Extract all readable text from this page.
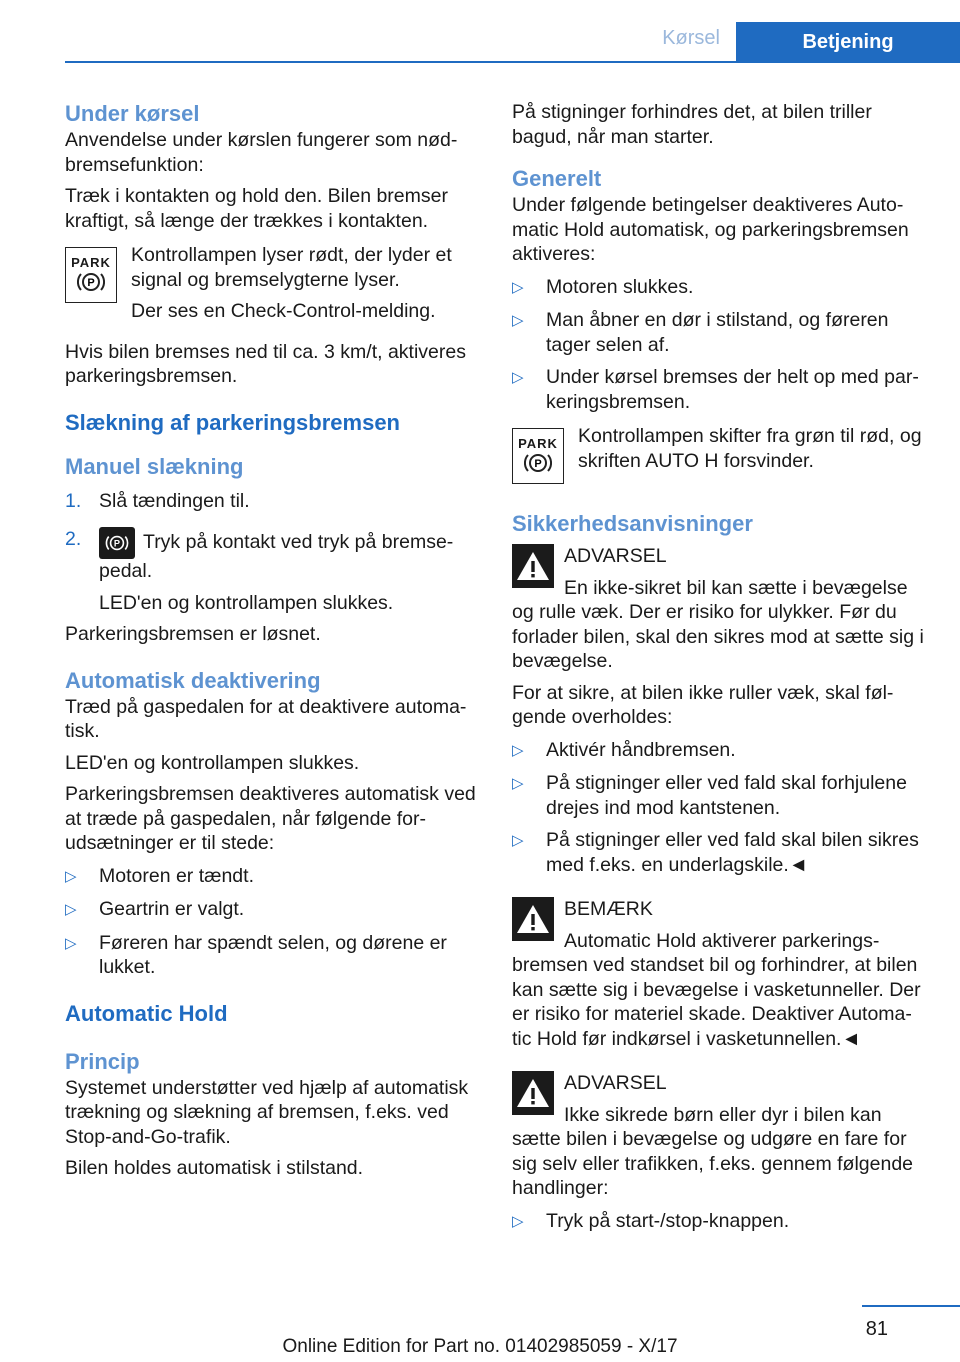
Kørsel	Betjening
Under kørsel

Anvendelse under kørslen fungerer som nød- bremsefunktion:

Træk i kontakten og hold den. Bilen bremser kraftigt, så længe der trækkes i kontakten.

PARK
P

Kontrollampen lyser rødt, der lyder et signal og bremselygterne lyser.

Der ses en Check-Control-melding.

Hvis bilen bremses ned til ca. 3 km/t, aktiveres parkeringsbremsen.

Slækning af parkeringsbremsen
Manuel slækning
1. Slå tændingen til.
2.	P Tryk på kontakt ved tryk på bremse- pedal.

LED'en og kontrollampen slukkes.

Parkeringsbremsen er løsnet.

Automatisk deaktivering

Træd på gaspedalen for at deaktivere automa- tisk.

LED'en og kontrollampen slukkes.

Parkeringsbremsen deaktiveres automatisk ved at træde på gaspedalen, når følgende for- udsætninger er til stede:

▷	Motoren er tændt.
▷	Geartrin er valgt.
▷	Føreren har spændt selen, og dørene er lukket.
Automatic Hold
Princip

Systemet understøtter ved hjælp af automatisk trækning og slækning af bremsen, f.eks. ved Stop-and-Go-trafik.

Bilen holdes automatisk i stilstand.

På stigninger forhindres det, at bilen triller bagud, når man starter.

Generelt

Under følgende betingelser deaktiveres Auto- matic Hold automatisk, og parkeringsbremsen aktiveres:

▷	Motoren slukkes.
▷	Man åbner en dør i stilstand, og føreren tager selen af.
▷	Under kørsel bremses der helt op med par- keringsbremsen.
PARK
P

Kontrollampen skifter fra grøn til rød, og skriften AUTO H forsvinder.

Sikkerhedsanvisninger

ADVARSEL

En ikke-sikret bil kan sætte i bevægelse

og rulle væk. Der er risiko for ulykker. Før du forlader bilen, skal den sikres mod at sætte sig i bevægelse.

For at sikre, at bilen ikke ruller væk, skal føl- gende overholdes:

▷	Aktivér håndbremsen.
▷	På stigninger eller ved fald skal forhjulene drejes ind mod kantstenen.
▷	På stigninger eller ved fald skal bilen sikres med f.eks. en underlagskile.◄

BEMÆRK

Automatic Hold aktiverer parkerings-

bremsen ved standset bil og forhindrer, at bilen kan sætte sig i bevægelse i vasketunneller. Der er risiko for materiel skade. Deaktiver Automa- tic Hold før indkørsel i vasketunnellen.◄

ADVARSEL

Ikke sikrede børn eller dyr i bilen kan

sætte bilen i bevægelse og udgøre en fare for sig selv eller trafikken, f.eks. gennem følgende handlinger:

▷	Tryk på start-/stop-knappen.
81
Online Edition for Part no. 01402985059 - X/17
